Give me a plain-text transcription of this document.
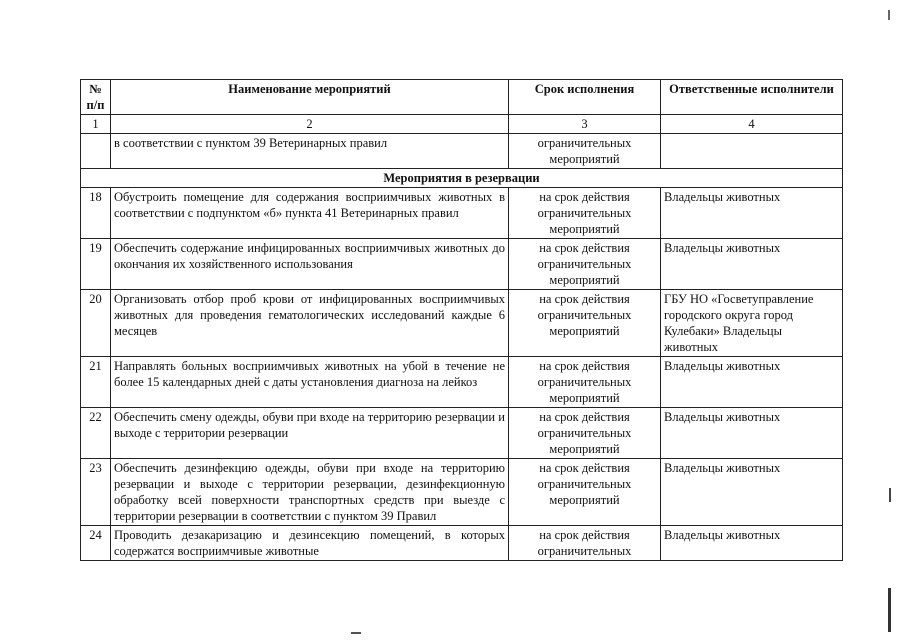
№ п/п	Наименование мероприятий	Срок исполнения	Ответственные исполнители
1	2	3	4
	в соответствии с пунктом 39 Ветеринарных правил	ограничительных мероприятий	
Мероприятия в резервации			
18	Обустроить помещение для содержания восприимчивых животных в соответствии с подпунктом «б» пункта 41 Ветеринарных правил	на срок действия ограничительных мероприятий	Владельцы животных
19	Обеспечить содержание инфицированных восприимчивых животных до окончания их хозяйственного использования	на срок действия ограничительных мероприятий	Владельцы животных
20	Организовать отбор проб крови от инфицированных восприимчивых животных для проведения гематологических исследований каждые 6 месяцев	на срок действия ограничительных мероприятий	ГБУ НО «Госветуправление городского округа город Кулебаки» Владельцы животных
21	Направлять больных восприимчивых животных на убой в течение не более 15 календарных дней с даты установления диагноза на лейкоз	на срок действия ограничительных мероприятий	Владельцы животных
22	Обеспечить смену одежды, обуви при входе на территорию резервации и выходе с территории резервации	на срок действия ограничительных мероприятий	Владельцы животных
23	Обеспечить дезинфекцию одежды, обуви при входе на территорию резервации и выходе с территории резервации, дезинфекционную обработку всей поверхности транспортных средств при выезде с территории резервации в соответствии с пунктом 39 Правил	на срок действия ограничительных мероприятий	Владельцы животных
24	Проводить дезакаризацию и дезинсекцию помещений, в которых содержатся восприимчивые животные	на срок действия ограничительных	Владельцы животных
